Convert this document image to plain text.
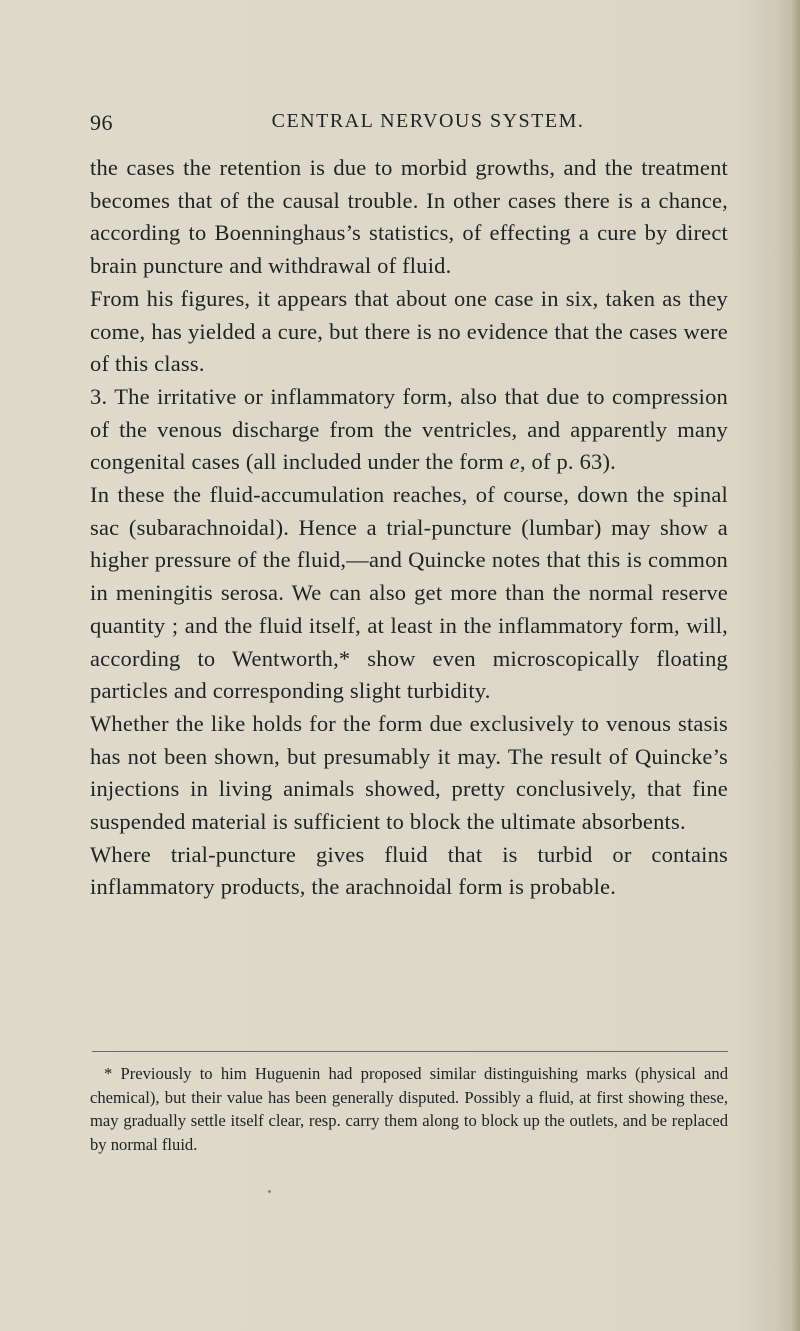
96	CENTRAL NERVOUS SYSTEM.

the cases the retention is due to morbid growths, and the treatment becomes that of the causal trouble. In other cases there is a chance, according to Boenninghaus’s statistics, of effecting a cure by direct brain puncture and withdrawal of fluid.

From his figures, it appears that about one case in six, taken as they come, has yielded a cure, but there is no evidence that the cases were of this class.

3. The irritative or inflammatory form, also that due to compression of the venous discharge from the ventricles, and apparently many congenital cases (all included under the form e, of p. 63).

In these the fluid-accumulation reaches, of course, down the spinal sac (subarachnoidal). Hence a trial-puncture (lumbar) may show a higher pressure of the fluid,—and Quincke notes that this is common in meningitis serosa. We can also get more than the normal reserve quantity ; and the fluid itself, at least in the inflammatory form, will, according to Wentworth,* show even microscopically floating particles and corresponding slight turbidity.

Whether the like holds for the form due exclusively to venous stasis has not been shown, but presumably it may. The result of Quincke’s injections in living animals showed, pretty conclusively, that fine suspended material is sufficient to block the ultimate absorbents.

Where trial-puncture gives fluid that is turbid or contains inflammatory products, the arachnoidal form is probable.

* Previously to him Huguenin had proposed similar distinguishing marks (physical and chemical), but their value has been generally disputed. Possibly a fluid, at first showing these, may gradually settle itself clear, resp. carry them along to block up the outlets, and be replaced by normal fluid.
